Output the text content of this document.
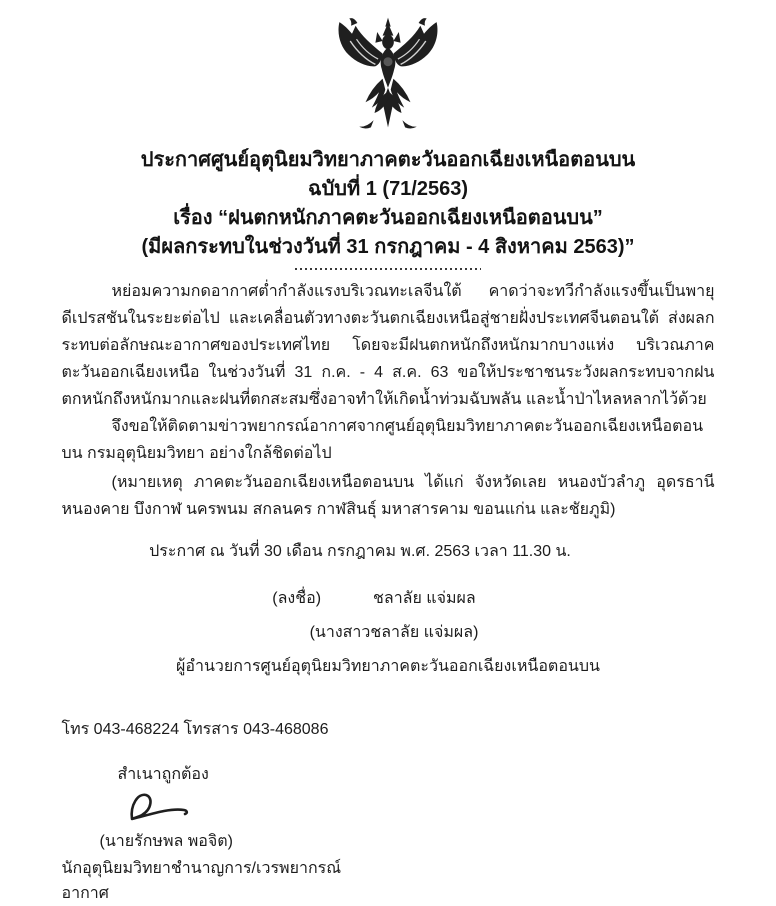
ประกาศศูนย์อุตุนิยมวิทยาภาคตะวันออกเฉียงเหนือตอนบน
ฉบับที่ 1 (71/2563)
เรื่อง “ฝนตกหนักภาคตะวันออกเฉียงเหนือตอนบน”
(มีผลกระทบในช่วงวันที่ 31 กรกฎาคม - 4 สิงหาคม 2563)”

หย่อมความกดอากาศต่ำกำลังแรงบริเวณทะเลจีนใต้ คาดว่าจะทวีกำลังแรงขึ้นเป็นพายุดีเปรสชันในระยะต่อไป และเคลื่อนตัวทางตะวันตกเฉียงเหนือสู่ชายฝั่งประเทศจีนตอนใต้ ส่งผลกระทบต่อลักษณะอากาศของประเทศไทย โดยจะมีฝนตกหนักถึงหนักมากบางแห่ง บริเวณภาคตะวันออกเฉียงเหนือ ในช่วงวันที่ 31 ก.ค. - 4 ส.ค. 63 ขอให้ประชาชนระวังผลกระทบจากฝนตกหนักถึงหนักมากและฝนที่ตกสะสมซึ่งอาจทำให้เกิดน้ำท่วมฉับพลัน และน้ำป่าไหลหลากไว้ด้วย

จึงขอให้ติดตามข่าวพยากรณ์อากาศจากศูนย์อุตุนิยมวิทยาภาคตะวันออกเฉียงเหนือตอนบน กรมอุตุนิยมวิทยา อย่างใกล้ชิดต่อไป

(หมายเหตุ ภาคตะวันออกเฉียงเหนือตอนบน ได้แก่ จังหวัดเลย หนองบัวลำภู อุดรธานี หนองคาย บึงกาฬ นครพนม สกลนคร กาฬสินธุ์ มหาสารคาม ขอนแก่น และชัยภูมิ)

ประกาศ ณ วันที่ 30 เดือน กรกฎาคม พ.ศ. 2563 เวลา 11.30 น.
(ลงชื่อ)	ชลาลัย แจ่มผล
(นางสาวชลาลัย แจ่มผล)
ผู้อำนวยการศูนย์อุตุนิยมวิทยาภาคตะวันออกเฉียงเหนือตอนบน
โทร 043-468224 โทรสาร 043-468086
สำเนาถูกต้อง
(นายรักษพล พอจิต)
นักอุตุนิยมวิทยาชำนาญการ/เวรพยากรณ์อากาศ
